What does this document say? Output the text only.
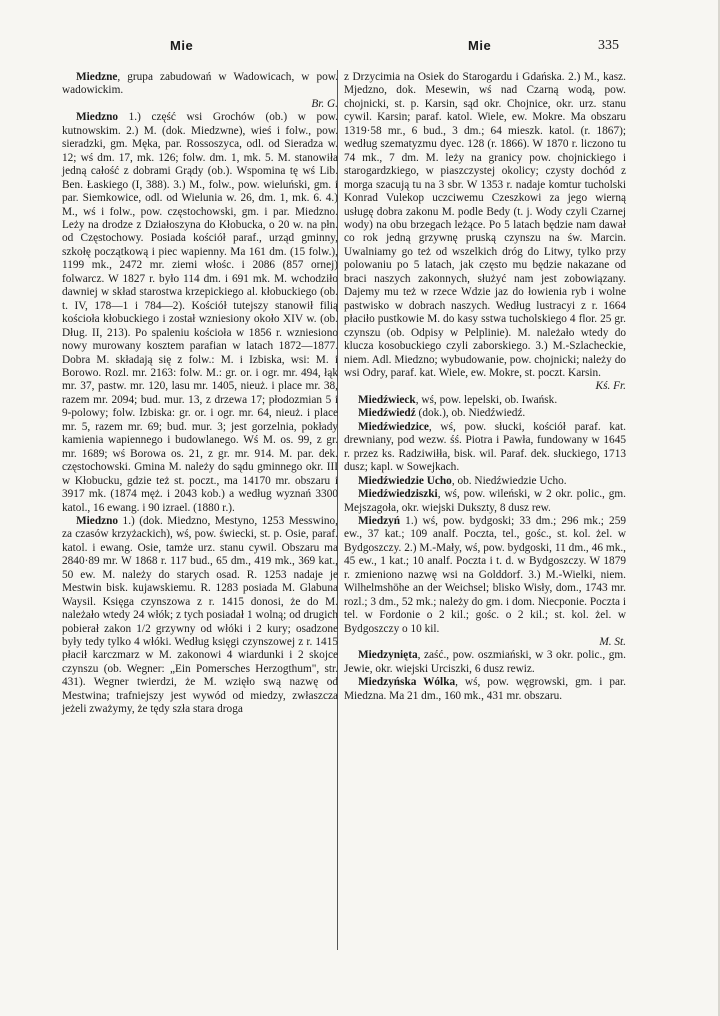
Mie	Mie	335

Miedzne, grupa zabudowań w Wadowicach, w pow. wadowickim.
Br. G.

Miedzno 1.) część wsi Grochów (ob.) w pow. kutnowskim. 2.) M. (dok. Miedzwne), wieś i folw., pow. sieradzki, gm. Męka, par. Rossoszyca, odl. od Sieradza w. 12; wś dm. 17, mk. 126; folw. dm. 1, mk. 5. M. stanowiła jedną całość z dobrami Grądy (ob.). Wspomina tę wś Lib. Ben. Łaskiego (I, 388). 3.) M., folw., pow. wieluński, gm. i par. Siemkowice, odl. od Wielunia w. 26, dm. 1, mk. 6. 4.) M., wś i folw., pow. częstochowski, gm. i par. Miedzno. Leży na drodze z Działoszyna do Kłobucka, o 20 w. na płn. od Częstochowy. Posiada kościół paraf., urząd gminny, szkołę początkową i piec wapienny. Ma 161 dm. (15 folw.), 1199 mk., 2472 mr. ziemi włośc. i 2086 (857 ornej) folwarcz. W 1827 r. było 114 dm. i 691 mk. M. wchodziło dawniej w skład starostwa krzepickiego al. kłobuckiego (ob. t. IV, 178—1 i 784—2). Kościół tutejszy stanowił filią kościoła kłobuckiego i został wzniesiony około XIV w. (ob. Dług. II, 213). Po spaleniu kościoła w 1856 r. wzniesiono nowy murowany kosztem parafian w latach 1872—1877. Dobra M. składają się z folw.: M. i Izbiska, wsi: M. i Borowo. Rozl. mr. 2163: folw. M.: gr. or. i ogr. mr. 494, łąk mr. 37, pastw. mr. 120, lasu mr. 1405, nieuż. i place mr. 38, razem mr. 2094; bud. mur. 13, z drzewa 17; płodozmian 5 i 9-polowy; folw. Izbiska: gr. or. i ogr. mr. 64, nieuż. i place mr. 5, razem mr. 69; bud. mur. 3; jest gorzelnia, pokłady kamienia wapiennego i budowlanego. Wś M. os. 99, z gr. mr. 1689; wś Borowa os. 21, z gr. mr. 914. M. par. dek. częstochowski. Gmina M. należy do sądu gminnego okr. III w Kłobucku, gdzie też st. poczt., ma 14170 mr. obszaru i 3917 mk. (1874 męż. i 2043 kob.) a według wyznań 3300 katol., 16 ewang. i 90 izrael. (1880 r.).

Miedzno 1.) (dok. Miedzno, Mestyno, 1253 Messwino, za czasów krzyżackich), wś, pow. świecki, st. p. Osie, paraf. katol. i ewang. Osie, tamże urz. stanu cywil. Obszaru ma 2840·89 mr. W 1868 r. 117 bud., 65 dm., 419 mk., 369 kat., 50 ew. M. należy do starych osad. R. 1253 nadaje je Mestwin bisk. kujawskiemu. R. 1283 posiada M. Glabuna Waysil. Księga czynszowa z r. 1415 donosi, że do M. należało wtedy 24 włók; z tych posiadał 1 wolną; od drugich pobierał zakon 1/2 grzywny od włóki i 2 kury; osadzone były tedy tylko 4 włóki. Według księgi czynszowej z r. 1415 płacił karczmarz w M. zakonowi 4 wiardunki i 2 skojce czynszu (ob. Wegner: „Ein Pomersches Herzogthum", str. 431). Wegner twierdzi, że M. wzięło swą nazwę od Mestwina; trafniejszy jest wywód od miedzy, zwłaszcza jeżeli zważymy, że tędy szła stara droga

z Drzycimia na Osiek do Starogardu i Gdańska. 2.) M., kasz. Mjedzno, dok. Mesewin, wś nad Czarną wodą, pow. chojnicki, st. p. Karsin, sąd okr. Chojnice, okr. urz. stanu cywil. Karsin; paraf. katol. Wiele, ew. Mokre. Ma obszaru 1319·58 mr., 6 bud., 3 dm.; 64 mieszk. katol. (r. 1867); według szematyzmu dyec. 128 (r. 1866). W 1870 r. liczono tu 74 mk., 7 dm. M. leży na granicy pow. chojnickiego i starogardzkiego, w piaszczystej okolicy; czysty dochód z morga szacują tu na 3 sbr. W 1353 r. nadaje komtur tucholski Konrad Vulekop uczciwemu Czeszkowi za jego wierną usługę dobra zakonu M. podle Bedy (t. j. Wody czyli Czarnej wody) na obu brzegach leżące. Po 5 latach będzie nam dawał co rok jedną grzywnę pruską czynszu na św. Marcin. Uwalniamy go też od wszelkich dróg do Litwy, tylko przy polowaniu po 5 latach, jak często mu będzie nakazane od braci naszych zakonnych, służyć nam jest zobowiązany. Dajemy mu też w rzece Wdzie jaz do łowienia ryb i wolne pastwisko w dobrach naszych. Według lustracyi z r. 1664 płaciło pustkowie M. do kasy sstwa tucholskiego 4 flor. 25 gr. czynszu (ob. Odpisy w Pelplinie). M. należało wtedy do klucza kosobuckiego czyli zaborskiego. 3.) M.-Szlacheckie, niem. Adl. Miedzno; wybudowanie, pow. chojnicki; należy do wsi Odry, paraf. kat. Wiele, ew. Mokre, st. poczt. Karsin.
Kś. Fr.

Miedźwieck, wś, pow. lepelski, ob. Iwańsk.

Miedźwiedź (dok.), ob. Niedźwiedź.

Miedźwiedzice, wś, pow. słucki, kościół paraf. kat. drewniany, pod wezw. śś. Piotra i Pawła, fundowany w 1645 r. przez ks. Radziwiłła, bisk. wil. Paraf. dek. słuckiego, 1713 dusz; kapl. w Sowejkach.

Miedźwiedzie Ucho, ob. Niedźwiedzie Ucho.

Miedźwiedziszki, wś, pow. wileński, w 2 okr. polic., gm. Mejszagoła, okr. wiejski Dukszty, 8 dusz rew.

Miedzyń 1.) wś, pow. bydgoski; 33 dm.; 296 mk.; 259 ew., 37 kat.; 109 analf. Poczta, tel., gośc., st. kol. żel. w Bydgoszczy. 2.) M.-Mały, wś, pow. bydgoski, 11 dm., 46 mk., 45 ew., 1 kat.; 10 analf. Poczta i t. d. w Bydgoszczy. W 1879 r. zmieniono nazwę wsi na Golddorf. 3.) M.-Wielki, niem. Wilhelmshöhe an der Weichsel; blisko Wisły, dom., 1743 mr. rozl.; 3 dm., 52 mk.; należy do gm. i dom. Niecponie. Poczta i tel. w Fordonie o 2 kil.; gośc. o 2 kil.; st. kol. żel. w Bydgoszczy o 10 kil.
M. St.

Miedzynięta, zaść., pow. oszmiański, w 3 okr. polic., gm. Jewie, okr. wiejski Urciszki, 6 dusz rewiz.

Miedzyńska Wólka, wś, pow. węgrowski, gm. i par. Miedzna. Ma 21 dm., 160 mk., 431 mr. obszaru.
